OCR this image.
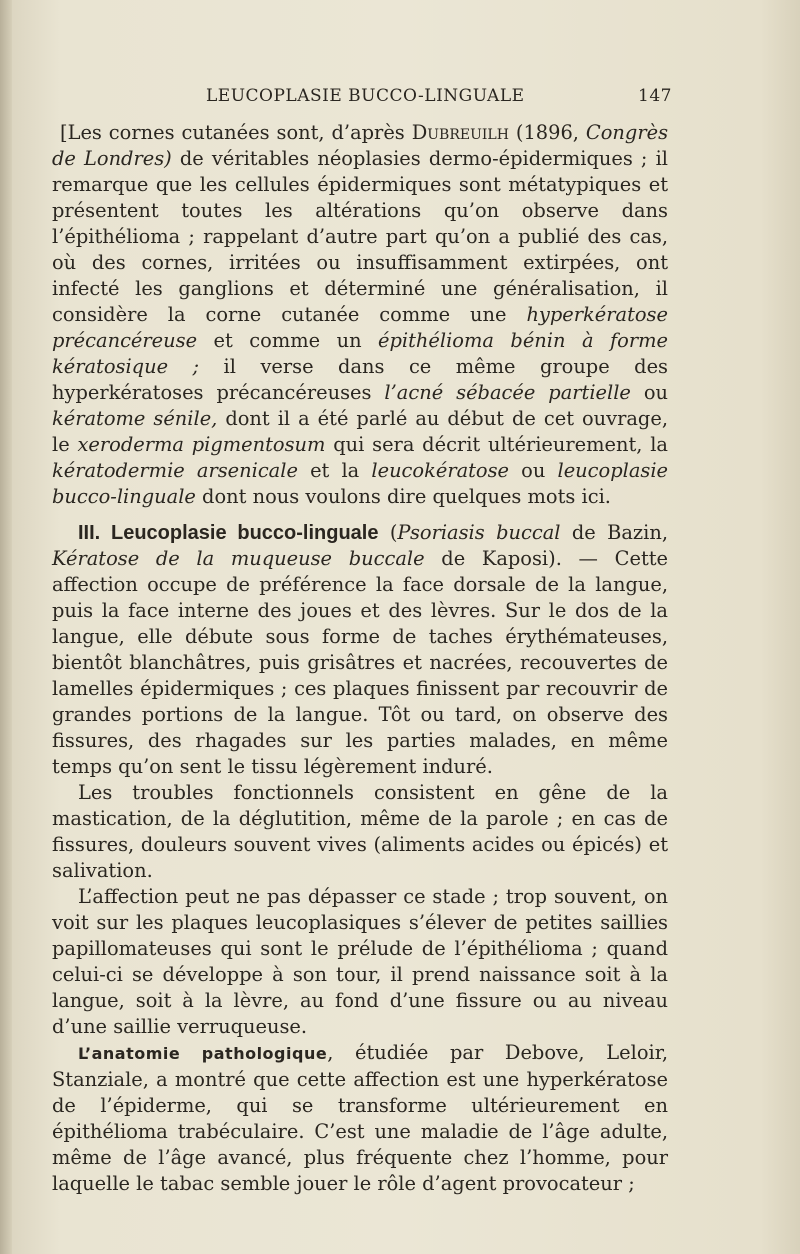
LEUCOPLASIE BUCCO-LINGUALE	147

[Les cornes cutanées sont, d’après Dubreuilh (1896, Congrès de Londres) de véritables néoplasies dermo-épidermiques ; il remarque que les cellules épidermiques sont métatypiques et présentent toutes les altérations qu’on observe dans l’épithélioma ; rappelant d’autre part qu’on a publié des cas, où des cornes, irritées ou insuffisamment extirpées, ont infecté les ganglions et déterminé une généralisation, il considère la corne cutanée comme une hyperkératose précancéreuse et comme un épithélioma bénin à forme kératosique ; il verse dans ce même groupe des hyperkératoses précancéreuses l’acné sébacée partielle ou kératome sénile, dont il a été parlé au début de cet ouvrage, le xeroderma pigmentosum qui sera décrit ultérieurement, la kératodermie arsenicale et la leucokératose ou leucoplasie bucco-linguale dont nous voulons dire quelques mots ici.

III. Leucoplasie bucco-linguale (Psoriasis buccal de Bazin, Kératose de la muqueuse buccale de Kaposi). — Cette affection occupe de préférence la face dorsale de la langue, puis la face interne des joues et des lèvres. Sur le dos de la langue, elle débute sous forme de taches érythémateuses, bientôt blanchâtres, puis grisâtres et nacrées, recouvertes de lamelles épidermiques ; ces plaques finissent par recouvrir de grandes portions de la langue. Tôt ou tard, on observe des fissures, des rhagades sur les parties malades, en même temps qu’on sent le tissu légèrement induré.

Les troubles fonctionnels consistent en gêne de la mastication, de la déglutition, même de la parole ; en cas de fissures, douleurs souvent vives (aliments acides ou épicés) et salivation.

L’affection peut ne pas dépasser ce stade ; trop souvent, on voit sur les plaques leucoplasiques s’élever de petites saillies papillomateuses qui sont le prélude de l’épithélioma ; quand celui-ci se développe à son tour, il prend naissance soit à la langue, soit à la lèvre, au fond d’une fissure ou au niveau d’une saillie verruqueuse.

L’anatomie pathologique, étudiée par Debove, Leloir, Stanziale, a montré que cette affection est une hyperkératose de l’épiderme, qui se transforme ultérieurement en épithélioma trabéculaire. C’est une maladie de l’âge adulte, même de l’âge avancé, plus fréquente chez l’homme, pour laquelle le tabac semble jouer le rôle d’agent provocateur ;
